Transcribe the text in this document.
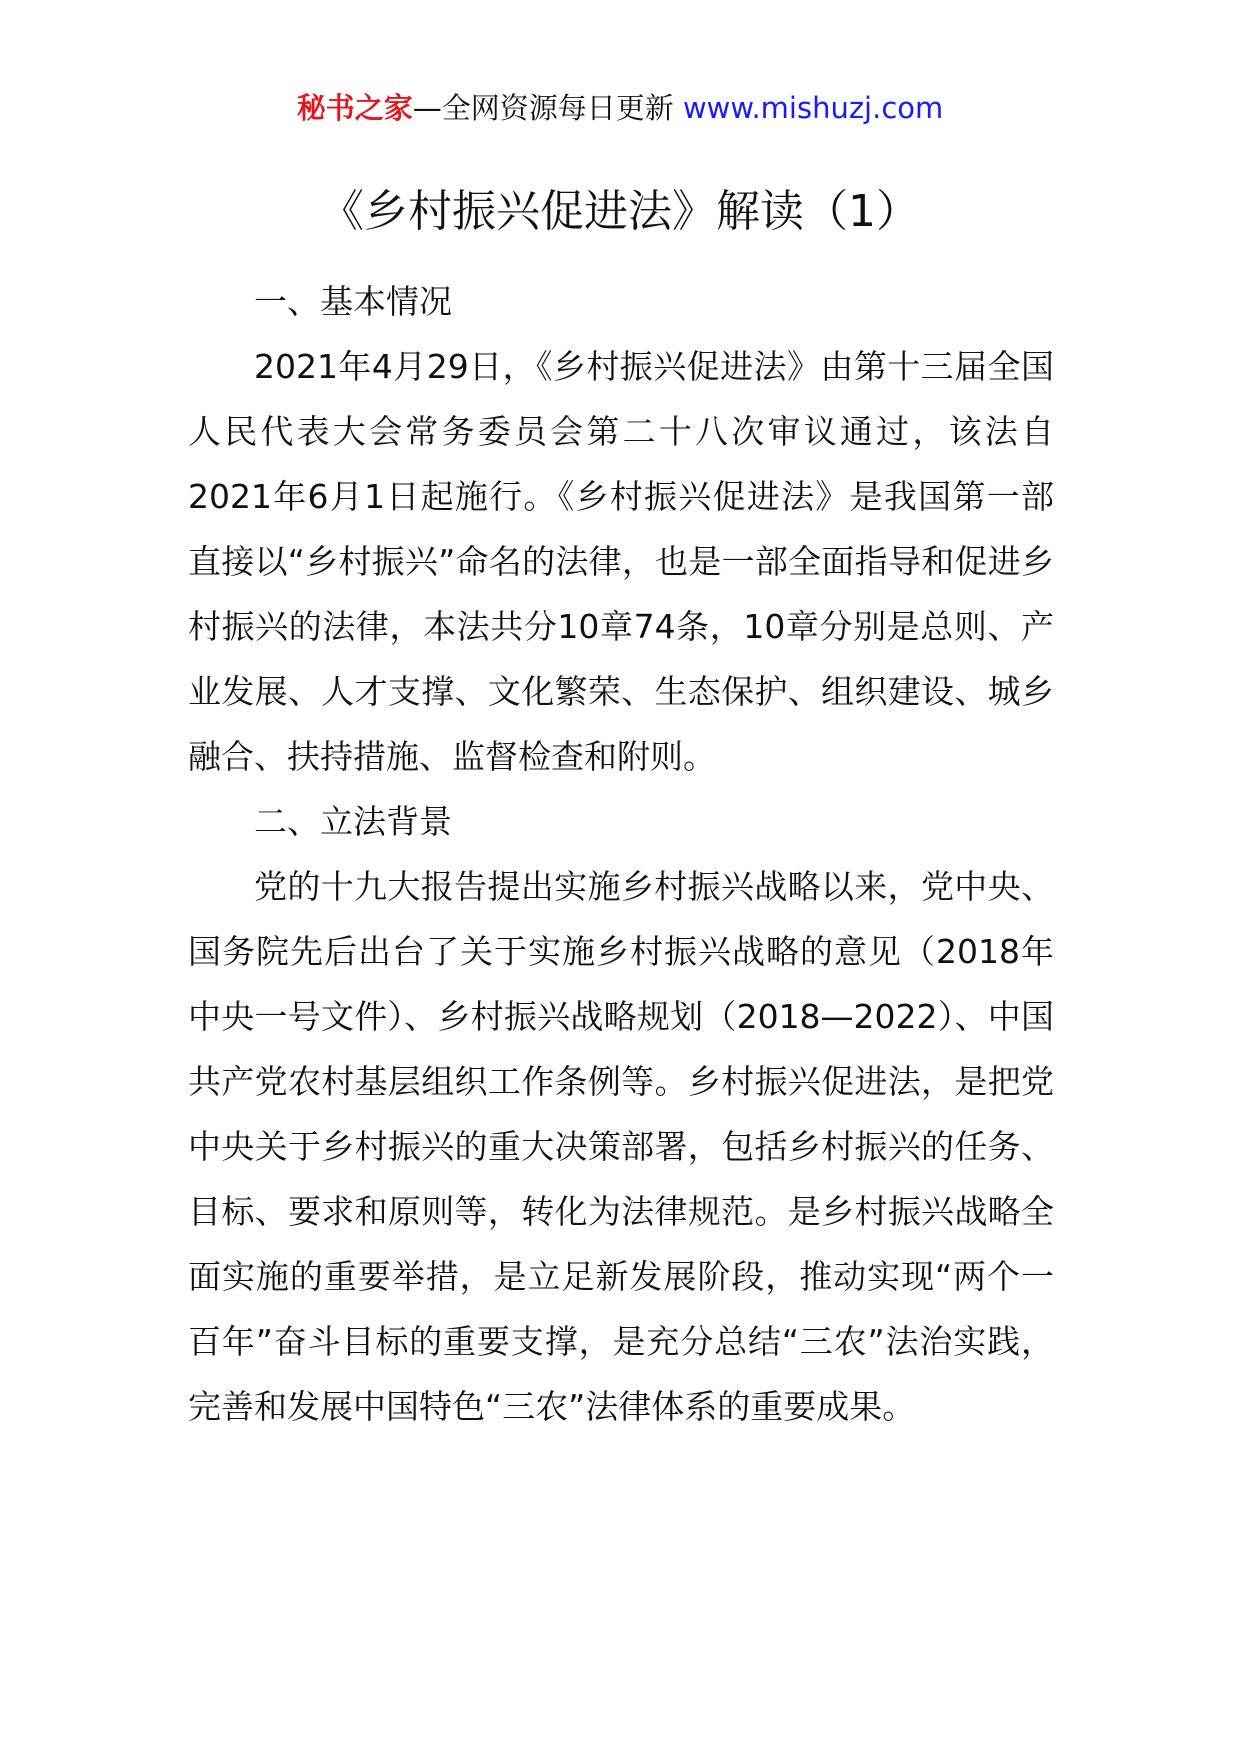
秘书之家—全网资源每日更新 www.mishuzj.com
《乡村振兴促进法》解读（1）

一、基本情况

2021年4月29日，《乡村振兴促进法》由第十三届全国人民代表大会常务委员会第二十八次审议通过，该法自2021年6月1日起施行。《乡村振兴促进法》是我国第一部直接以“乡村振兴”命名的法律，也是一部全面指导和促进乡村振兴的法律，本法共分10章74条，10章分别是总则、产业发展、人才支撑、文化繁荣、生态保护、组织建设、城乡融合、扶持措施、监督检查和附则。

二、立法背景

党的十九大报告提出实施乡村振兴战略以来，党中央、国务院先后出台了关于实施乡村振兴战略的意见（2018年中央一号文件）、乡村振兴战略规划（2018—2022）、中国共产党农村基层组织工作条例等。乡村振兴促进法，是把党中央关于乡村振兴的重大决策部署，包括乡村振兴的任务、目标、要求和原则等，转化为法律规范。是乡村振兴战略全面实施的重要举措，是立足新发展阶段，推动实现“两个一百年”奋斗目标的重要支撑，是充分总结“三农”法治实践，完善和发展中国特色“三农”法律体系的重要成果。
